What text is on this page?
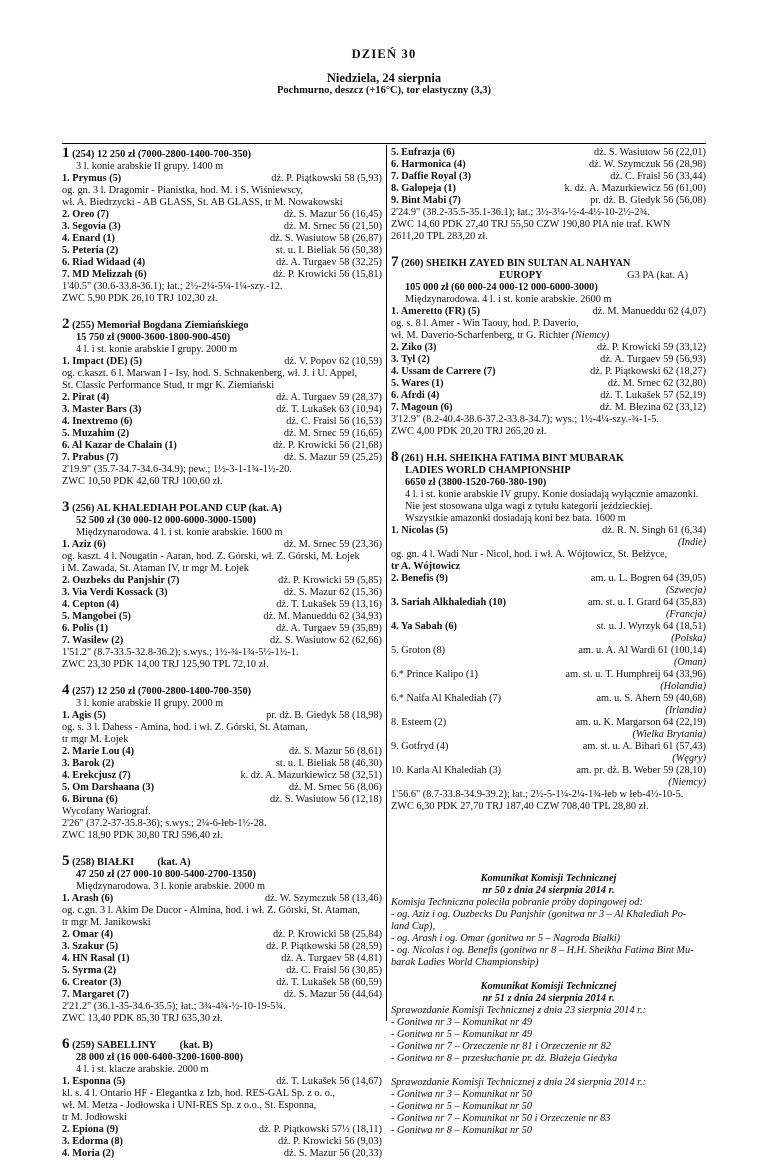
DZIEŃ 30
Niedziela, 24 sierpnia
Pochmurno, deszcz (+16°C), tor elastyczny (3,3)
1 (254) 12 250 zł (7000-2800-1400-700-350)
3 l. konie arabskie II grupy. 1400 m
1. Prymus (5)	dż. P. Piątkowski 58 (5,93)
og. gn. 3 l. Dragomir - Pianistka, hod. M. i S. Wiśniewscy,
wł. A. Biedrzycki - AB GLASS, St. AB GLASS, tr M. Nowakowski
2. Oreo (7)	dż. S. Mazur 56 (16,45)
3. Segovia (3)	dż. M. Srnec 56 (21,50)
4. Enard (1)	dż. S. Wasiutow 58 (26,87)
5. Peteria (2)	st. u. I. Bieliak 56 (50,38)
6. Riad Widaad (4)	dż. A. Turgaev 58 (32,25)
7. MD Melizzah (6)	dż. P. Krowicki 56 (15,81)
1'40.5" (30.6-33.8-36.1); łat.; 2½-2¼-5¼-1¼-szy.-12.
ZWC 5,90 PDK 26,10 TRJ 102,30 zł.
2 (255) Memoriał Bogdana Ziemiańskiego
15 750 zł (9000-3600-1800-900-450)
4 l. i st. konie arabskie I grupy. 2000 m
1. Impact (DE) (5)	dż. V. Popov 62 (10,59)
og. c.kaszt. 6 l. Marwan I - Isy, hod. S. Schnakenberg, wł. J. i U. Appel,
St. Classic Performance Stud, tr mgr K. Ziemiański
2. Pirat (4)	dż. A. Turgaev 59 (28,37)
3. Master Bars (3)	dż. T. Lukašek 63 (10,94)
4. Inextremo (6)	dż. C. Fraisl 56 (16,53)
5. Muzahim (2)	dż. M. Srnec 59 (16,65)
6. Al Kazar de Chalain (1)	dż. P. Krowicki 56 (21,68)
7. Prabus (7)	dż. S. Mazur 59 (25,25)
2'19.9" (35.7-34.7-34.6-34.9); pew.; 1½-3-1-1¾-1½-20.
ZWC 10,50 PDK 42,60 TRJ 100,60 zł.
3 (256) AL KHALEDIAH POLAND CUP (kat. A)
52 500 zł (30 000-12 000-6000-3000-1500)
Międzynarodowa. 4 l. i st. konie arabskie. 1600 m
1. Aziz (6)	dż. M. Srnec 59 (23,36)
og. kaszt. 4 l. Nougatin - Aaran, hod. Z. Górski, wł. Z. Górski, M. Łojek
i M. Zawada, St. Ataman IV, tr mgr M. Łojek
2. Ouzbeks du Panjshir (7)	dż. P. Krowicki 59 (5,85)
3. Via Verdi Kossack (3)	dż. S. Mazur 62 (15,36)
4. Cepton (4)	dż. T. Lukašek 59 (13,16)
5. Mangobei (5)	dż. M. Manueddu 62 (34,93)
6. Polis (1)	dż. A. Turgaev 59 (35,89)
7. Wasilew (2)	dż. S. Wasiutow 62 (62,66)
1'51.2" (8.7-33.5-32.8-36.2); s.wys.; 1½-¾-1¾-5½-1½-1.
ZWC 23,30 PDK 14,00 TRJ 125,90 TPL 72,10 zł.
4 (257) 12 250 zł (7000-2800-1400-700-350)
3 l. konie arabskie II grupy. 2000 m
1. Agis (5)	pr. dż. B. Giedyk 58 (18,98)
og. s. 3 l. Dahess - Amina, hod. i wł. Z. Górski, St. Ataman,
tr mgr M. Łojek
2. Marie Lou (4)	dż. S. Mazur 56 (8,61)
3. Barok (2)	st. u. I. Bieliak 58 (46,30)
4. Erekcjusz (7)	k. dż. A. Mazurkiewicz 58 (32,51)
5. Om Darshaana (3)	dż. M. Srnec 56 (8,06)
6. Biruna (6)	dż. S. Wasiutow 56 (12,18)
Wycofany Wariograf.
2'26" (37.2-37-35.8-36); s.wys.; 2¼-6-łeb-1½-28.
ZWC 18,90 PDK 30,80 TRJ 596,40 zł.
5 (258) BIAŁKI         (kat. A)
47 250 zł (27 000-10 800-5400-2700-1350)
Międzynarodowa. 3 l. konie arabskie. 2000 m
1. Arash (6)	dż. W. Szymczuk 58 (13,46)
og. c.gn. 3 l. Akim De Ducor - Almina, hod. i wł. Z. Górski, St. Ataman,
tr mgr M. Janikowski
2. Omar (4)	dż. P. Krowicki 58 (25,84)
3. Szakur (5)	dż. P. Piątkowski 58 (28,59)
4. HN Rasal (1)	dż. A. Turgaev 58 (4,81)
5. Syrma (2)	dż. C. Fraisl 56 (30,85)
6. Creator (3)	dż. T. Lukašek 58 (60,59)
7. Margaret (7)	dż. S. Mazur 56 (44,64)
2'21.2" (36.1-35-34.6-35.5); łat.; 3¾-4¾-½-10-19-5¾.
ZWC 13,40 PDK 85,30 TRJ 635,30 zł.
6 (259) SABELLINY         (kat. B)
28 000 zł (16 000-6400-3200-1600-800)
4 l. i st. klacze arabskie. 2000 m
1. Esponna (5)	dż. T. Lukašek 56 (14,67)
kl. s. 4 l. Ontario HF - Elegantka z Izb, hod. RES-GAL Sp. z o. o.,
wł. M. Metza - Jodłowska i UNI-RES Sp. z o.o., St. Esponna,
tr M. Jodłowski
2. Epiona (9)	dż. P. Piątkowski 57½ (18,11)
3. Edorma (8)	dż. P. Krowicki 56 (9,03)
4. Moria (2)	dż. S. Mazur 56 (20,33)
5. Eufrazja (6)	dż. S. Wasiutow 56 (22,01)
6. Harmonica (4)	dż. W. Szymczuk 56 (28,98)
7. Daffie Royal (3)	dż. C. Fraisl 56 (33,44)
8. Galopeja (1)	k. dż. A. Mazurkiewicz 56 (61,00)
9. Bint Mabi (7)	pr. dż. B. Giedyk 56 (56,08)
2'24.9" (38.2-35.5-35.1-36.1); łat.; 3½-3¼-½-4-4½-10-2½-2¾.
ZWC 14,60 PDK 27,40 TRJ 55,50 CZW 190,80 PIA nie traf. KWN
2611,20 TPL 283,20 zł.
7 (260) SHEIKH ZAYED BIN SULTAN AL NAHYAN
EUROPY	G3 PA (kat. A)
105 000 zł (60 000-24 000-12 000-6000-3000)
Międzynarodowa. 4 l. i st. konie arabskie. 2600 m
1. Ameretto (FR) (5)	dż. M. Manueddu 62 (4,07)
og. s. 8 l. Amer - Win Taouy, hod. P. Daverio,
wł. M. Daverio-Scharfenberg, tr G. Richter (Niemcy)
2. Ziko (3)	dż. P. Krowicki 59 (33,12)
3. Tyl (2)	dż. A. Turgaev 59 (56,93)
4. Ussam de Carrere (7)	dż. P. Piątkowski 62 (18,27)
5. Wares (1)	dż. M. Srnec 62 (32,80)
6. Afrdi (4)	dż. T. Lukašek 57 (52,19)
7. Magoun (6)	dż. M. Błezina 62 (33,12)
3'12.9" (8.2-40.4-38.6-37.2-33.8-34.7); wys.; 1½-4¼-szy.-¾-1-5.
ZWC 4,00 PDK 20,20 TRJ 265,20 zł.
8 (261) H.H. SHEIKHA FATIMA BINT MUBARAK
LADIES WORLD CHAMPIONSHIP
6650 zł (3800-1520-760-380-190)
4 l. i st. konie arabskie IV grupy. Konie dosiadają wyłącznie amazonki.
Nie jest stosowana ulga wagi z tytułu kategorii jeździeckiej.
Wszystkie amazonki dosiadają koni bez bata. 1600 m
1. Nicolas (5)	dż. R. N. Singh 61 (6,34)
(Indie)
og. gn. 4 l. Wadi Nur - Nicol, hod. i wł. A. Wójtowicz, St. Bełżyce,
tr A. Wójtowicz
2. Benefis (9)	am. u. L. Bogren 64 (39,05)
(Szwecja)
3. Sariah Alkhalediah (10)	am. st. u. I. Grard 64 (35,83)
(Francja)
4. Ya Sabah (6)	st. u. J. Wyrzyk 64 (18,51)
(Polska)
5. Groton (8)	am. u. A. Al Wardi 61 (100,14)
(Oman)
6.* Prince Kalipo (1)	am. st. u. T. Humphreij 64 (33,96)
(Holandia)
6.* Naifa Al Khalediah (7)	am. u. S. Ahern 59 (40,68)
(Irlandia)
8. Esteem (2)	am. u. K. Margarson 64 (22,19)
(Wielka Brytania)
9. Gotfryd (4)	am. st. u. A. Bihari 61 (57,43)
(Węgry)
10. Karla Al Khalediah (3)	am. pr. dż. B. Weber 59 (28,10)
(Niemcy)
1'56.6" (8.7-33.8-34.9-39.2); łat.; 2½-5-1¼-2¼-1¾-łeb w łeb-4½-10-5.
ZWC 6,30 PDK 27,70 TRJ 187,40 CZW 708,40 TPL 28,80 zł.
Komunikat Komisji Technicznej
nr 50 z dnia 24 sierpnia 2014 r.
Komisja Techniczna poleciła pobranie próby dopingowej od:
- og. Aziz i og. Ouzbecks Du Panjshir (gonitwa nr 3 – Al Khalediah Po-
land Cup),
- og. Arash i og. Omar (gonitwa nr 5 – Nagroda Białki)
- og. Nicolas i og. Benefis (gonitwa nr 8 – H.H. Sheikha Fatima Bint Mu-
barak Ladies World Championship)
Komunikat Komisji Technicznej
nr 51 z dnia 24 sierpnia 2014 r.
Sprawozdanie Komisji Technicznej z dnia 23 sierpnia 2014 r.:
- Gonitwa nr 3 – Komunikat nr 49
- Gonitwa nr 5 – Komunikat nr 49
- Gonitwa nr 7 – Orzeczenie nr 81 i Orzeczenie nr 82
- Gonitwa nr 8 – przesłuchanie pr. dż. Błażeja Giedyka
Sprawozdanie Komisji Technicznej z dnia 24 sierpnia 2014 r.:
- Gonitwa nr 3 – Komunikat nr 50
- Gonitwa nr 5 – Komunikat nr 50
- Gonitwa nr 7 – Komunikat nr 50 i Orzeczenie nr 83
- Gonitwa nr 8 – Komunikat nr 50
